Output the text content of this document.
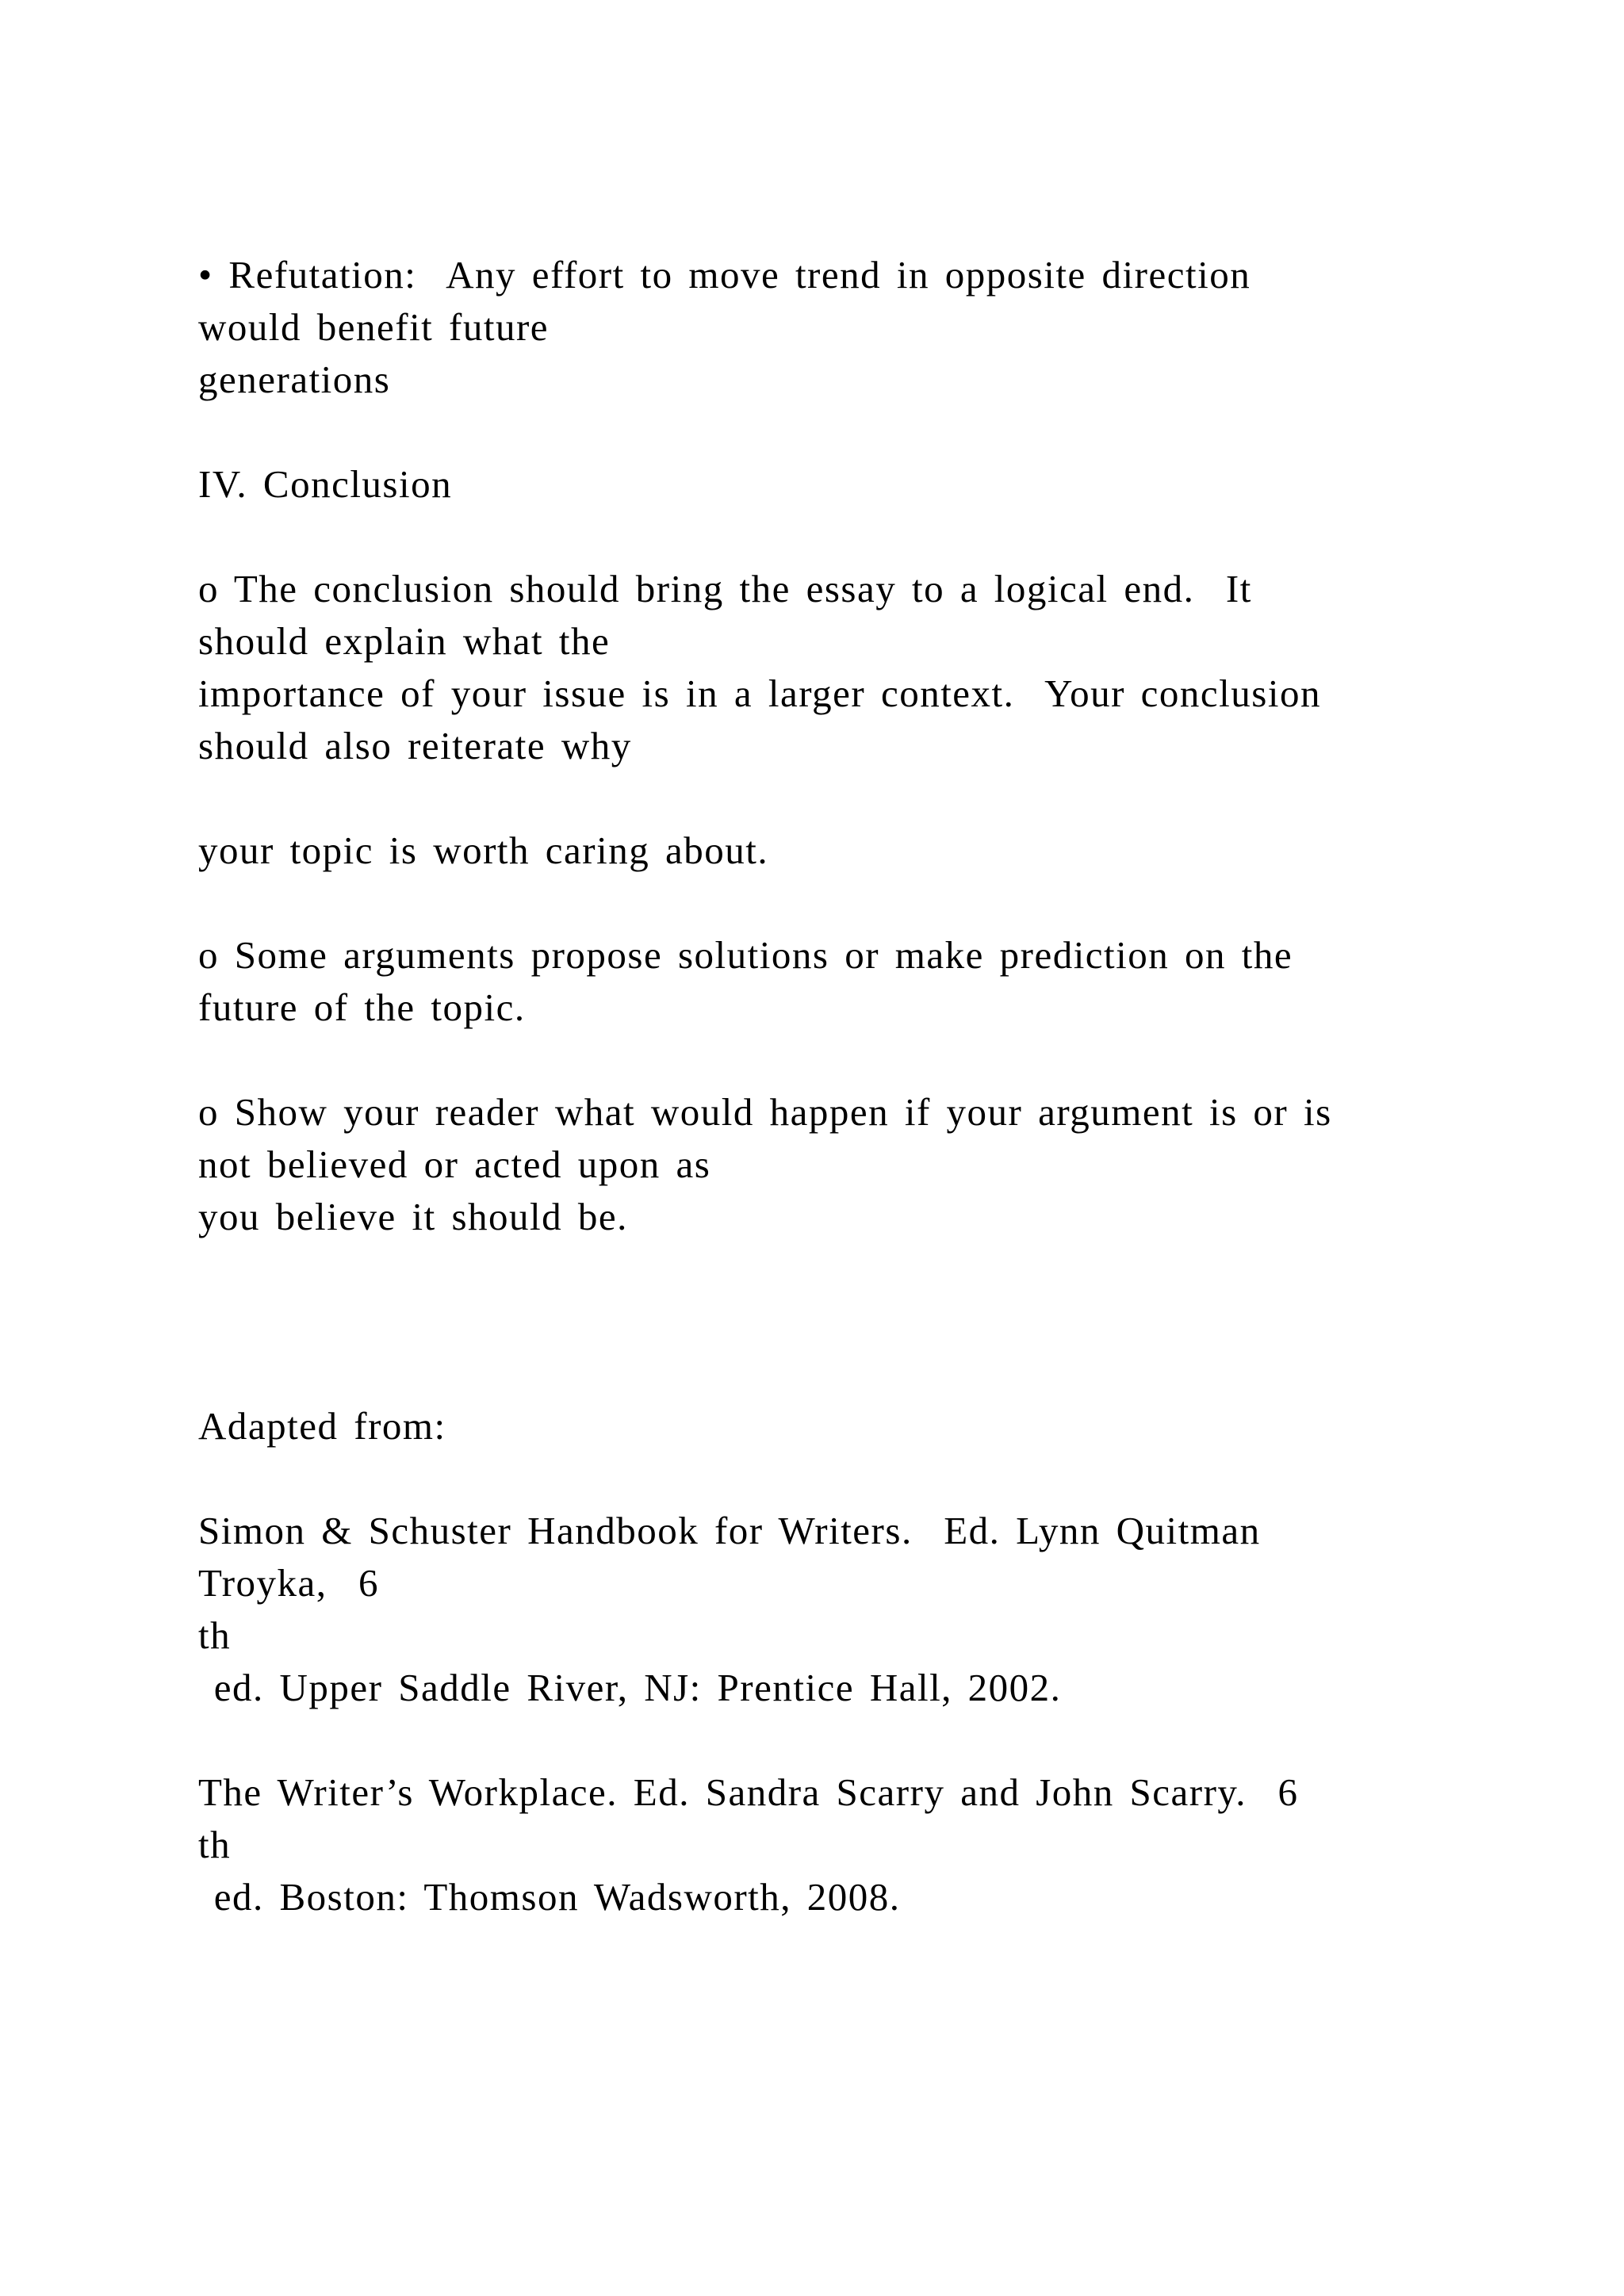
• Refutation:  Any effort to move trend in opposite direction
would benefit future
generations
IV. Conclusion
o The conclusion should bring the essay to a logical end.  It
should explain what the
importance of your issue is in a larger context.  Your conclusion
should also reiterate why
your topic is worth caring about.
o Some arguments propose solutions or make prediction on the
future of the topic.
o Show your reader what would happen if your argument is or is
not believed or acted upon as
you believe it should be.
Adapted from:
Simon & Schuster Handbook for Writers.  Ed. Lynn Quitman
Troyka,  6
th
ed. Upper Saddle River, NJ: Prentice Hall, 2002.
The Writer’s Workplace. Ed. Sandra Scarry and John Scarry.  6
th
ed. Boston: Thomson Wadsworth, 2008.
